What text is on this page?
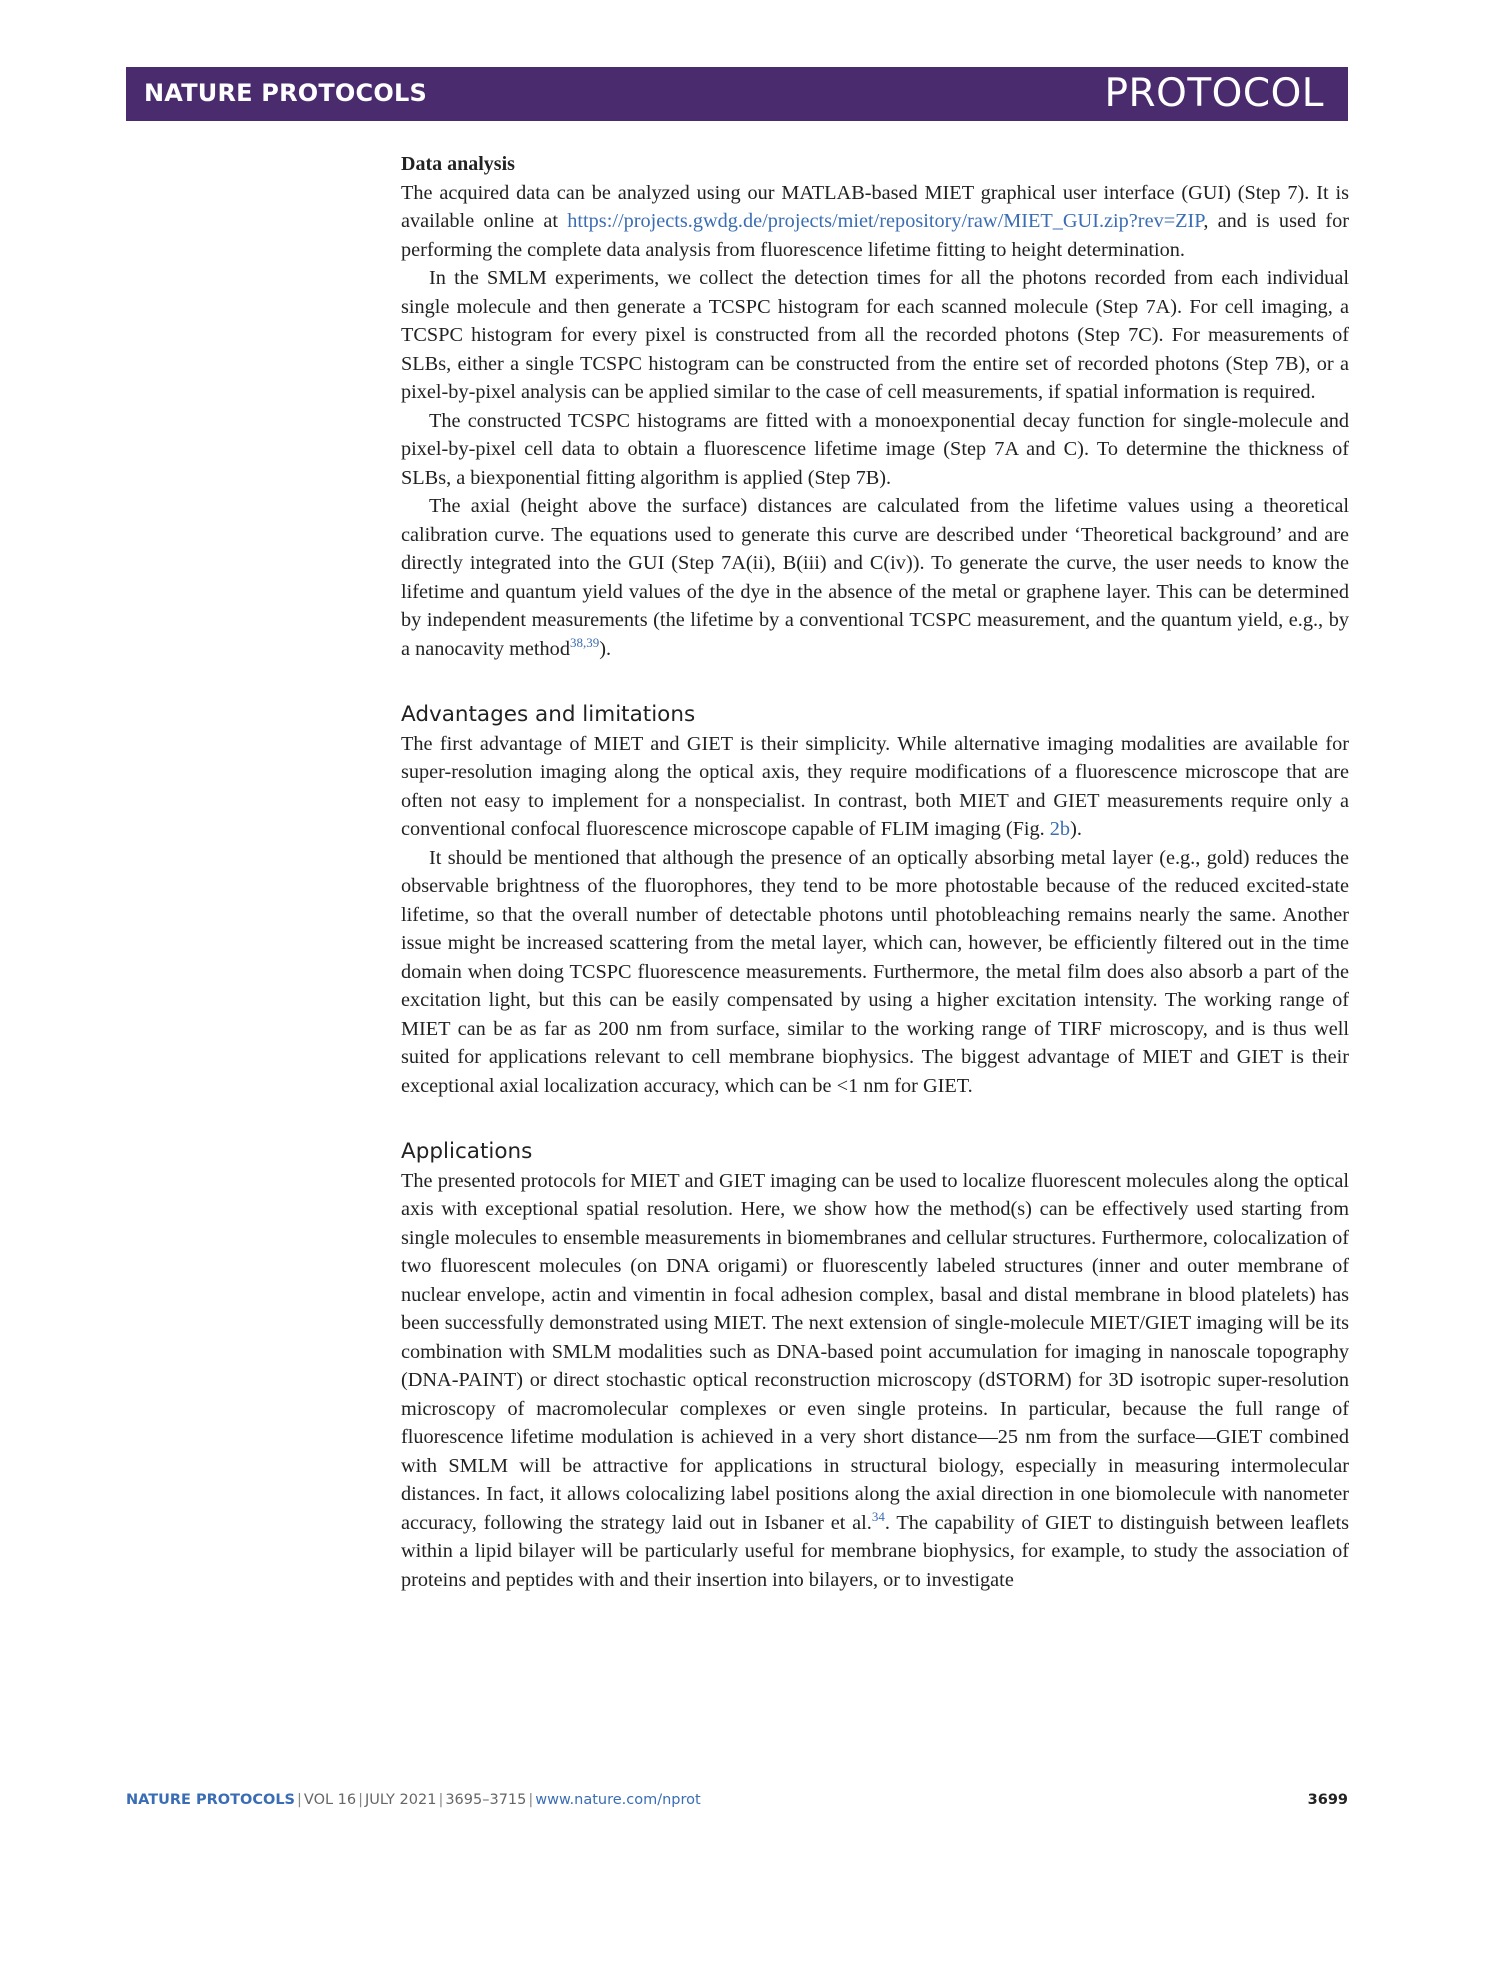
NATURE PROTOCOLS	PROTOCOL
Data analysis

The acquired data can be analyzed using our MATLAB-based MIET graphical user interface (GUI) (Step 7). It is available online at https://projects.gwdg.de/projects/miet/repository/raw/MIET_GUI.zip?rev=ZIP, and is used for performing the complete data analysis from fluorescence lifetime fitting to height determination.

In the SMLM experiments, we collect the detection times for all the photons recorded from each individual single molecule and then generate a TCSPC histogram for each scanned molecule (Step 7A). For cell imaging, a TCSPC histogram for every pixel is constructed from all the recorded photons (Step 7C). For measurements of SLBs, either a single TCSPC histogram can be constructed from the entire set of recorded photons (Step 7B), or a pixel-by-pixel analysis can be applied similar to the case of cell measurements, if spatial information is required.

The constructed TCSPC histograms are fitted with a monoexponential decay function for single-molecule and pixel-by-pixel cell data to obtain a fluorescence lifetime image (Step 7A and C). To determine the thickness of SLBs, a biexponential fitting algorithm is applied (Step 7B).

The axial (height above the surface) distances are calculated from the lifetime values using a theoretical calibration curve. The equations used to generate this curve are described under ‘Theoretical background’ and are directly integrated into the GUI (Step 7A(ii), B(iii) and C(iv)). To generate the curve, the user needs to know the lifetime and quantum yield values of the dye in the absence of the metal or graphene layer. This can be determined by independent measurements (the lifetime by a conventional TCSPC measurement, and the quantum yield, e.g., by a nanocavity method$^{38,39}$).

Advantages and limitations

The first advantage of MIET and GIET is their simplicity. While alternative imaging modalities are available for super-resolution imaging along the optical axis, they require modifications of a fluorescence microscope that are often not easy to implement for a nonspecialist. In contrast, both MIET and GIET measurements require only a conventional confocal fluorescence microscope capable of FLIM imaging (Fig. 2b).

It should be mentioned that although the presence of an optically absorbing metal layer (e.g., gold) reduces the observable brightness of the fluorophores, they tend to be more photostable because of the reduced excited-state lifetime, so that the overall number of detectable photons until photobleaching remains nearly the same. Another issue might be increased scattering from the metal layer, which can, however, be efficiently filtered out in the time domain when doing TCSPC fluorescence measurements. Furthermore, the metal film does also absorb a part of the excitation light, but this can be easily compensated by using a higher excitation intensity. The working range of MIET can be as far as 200 nm from surface, similar to the working range of TIRF microscopy, and is thus well suited for applications relevant to cell membrane biophysics. The biggest advantage of MIET and GIET is their exceptional axial localization accuracy, which can be <1 nm for GIET.

Applications

The presented protocols for MIET and GIET imaging can be used to localize fluorescent molecules along the optical axis with exceptional spatial resolution. Here, we show how the method(s) can be effectively used starting from single molecules to ensemble measurements in biomembranes and cellular structures. Furthermore, colocalization of two fluorescent molecules (on DNA origami) or fluorescently labeled structures (inner and outer membrane of nuclear envelope, actin and vimentin in focal adhesion complex, basal and distal membrane in blood platelets) has been successfully demonstrated using MIET. The next extension of single-molecule MIET/GIET imaging will be its combination with SMLM modalities such as DNA-based point accumulation for imaging in nanoscale topography (DNA-PAINT) or direct stochastic optical reconstruction microscopy (dSTORM) for 3D isotropic super-resolution microscopy of macromolecular complexes or even single proteins. In particular, because the full range of fluorescence lifetime modulation is achieved in a very short distance—25 nm from the surface—GIET combined with SMLM will be attractive for applications in structural biology, especially in measuring intermolecular distances. In fact, it allows colocalizing label positions along the axial direction in one biomolecule with nanometer accuracy, following the strategy laid out in Isbaner et al.$^{34}$. The capability of GIET to distinguish between leaflets within a lipid bilayer will be particularly useful for membrane biophysics, for example, to study the association of proteins and peptides with and their insertion into bilayers, or to investigate

NATURE PROTOCOLS | VOL 16 | JULY 2021 | 3695–3715 | www.nature.com/nprot	3699
